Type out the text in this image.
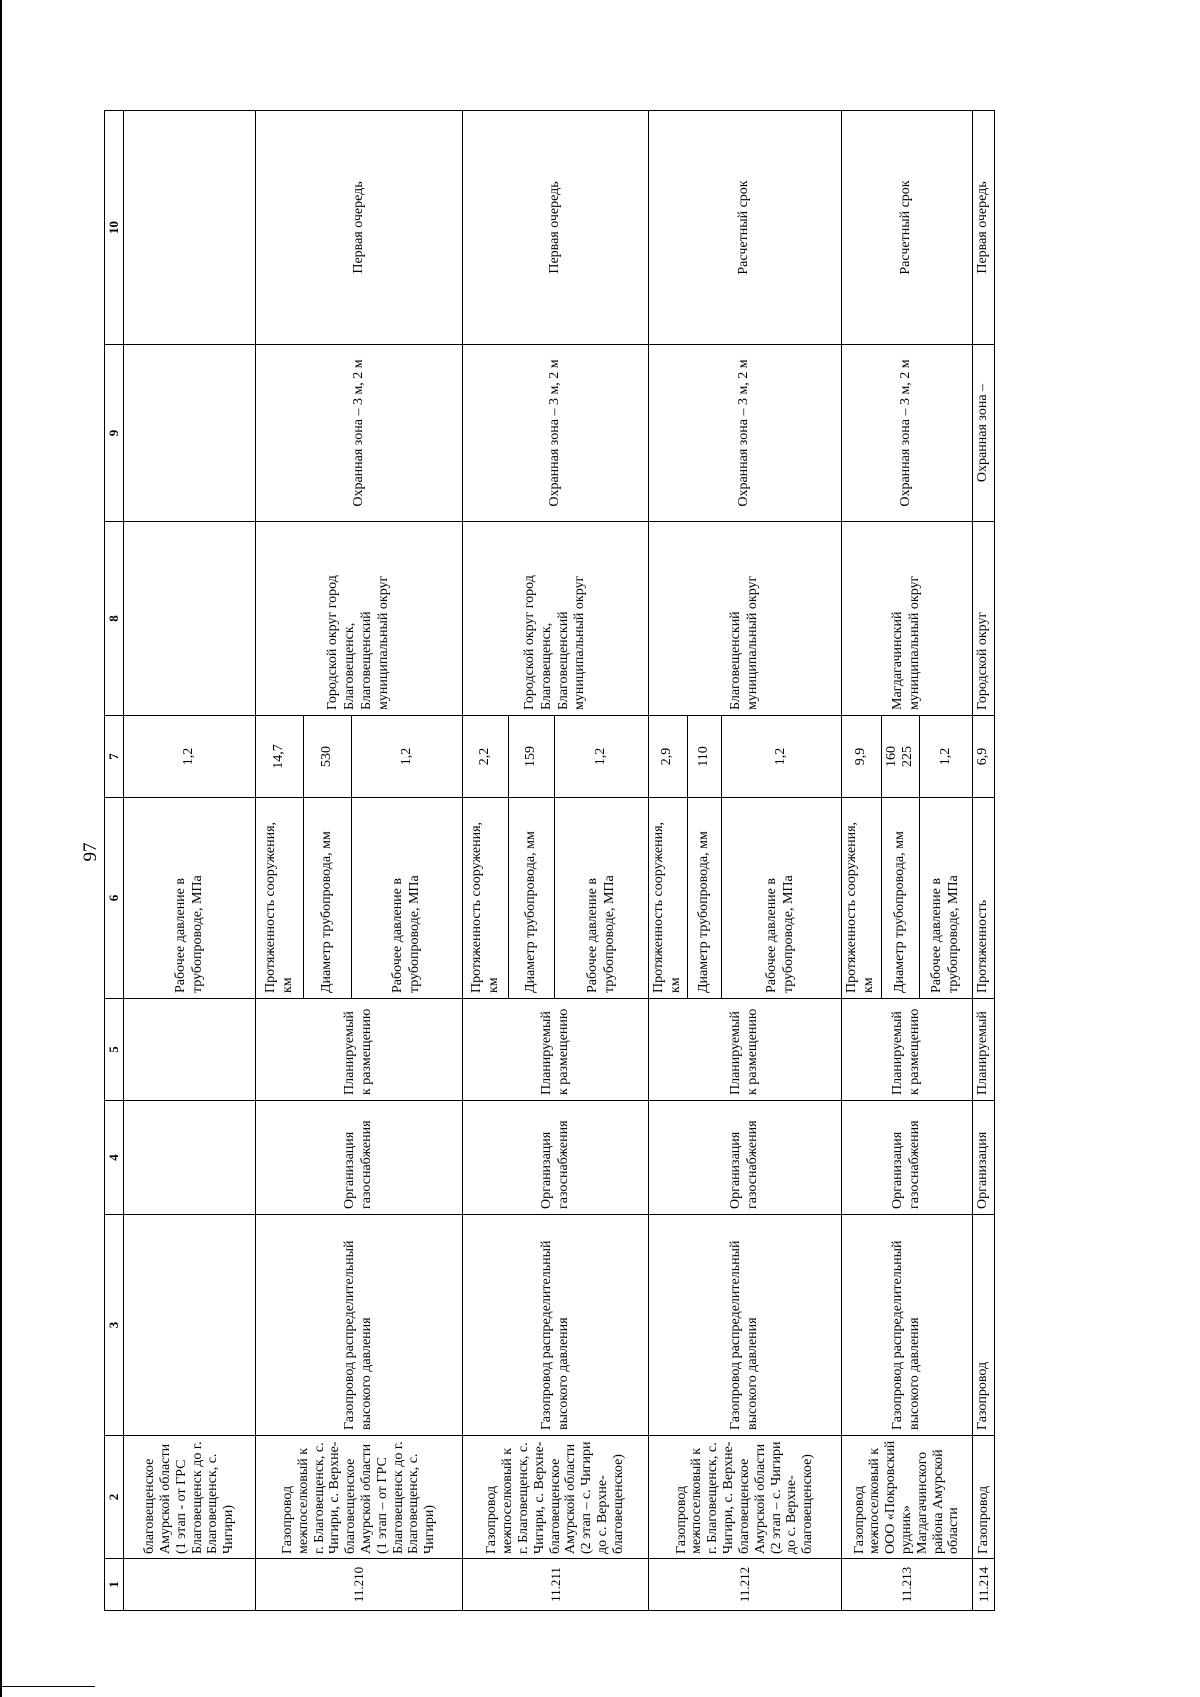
97
1	2	3	4	5	6	7	8	9	10
	благовещенское Амурской области (1 этап - от ГРС Благовещенск до г. Благовещенск, с. Чигири)				Рабочее давление в трубопроводе, МПа	1,2			
11.210	Газопровод межпоселковый к г. Благовещенск, с. Чигири, с. Верхне-благовещенское Амурской области (1 этап – от ГРС Благовещенск до г. Благовещенск, с. Чигири)	Газопровод распределительный высокого давления	Организация газоснабжения	Планируемый к размещению	Протяженность сооружения, км	14,7	Городской округ город Благовещенск, Благовещенский муниципальный округ	Охранная зона – 3 м, 2 м	Первая очередь
					Диаметр трубопровода, мм	530			
					Рабочее давление в трубопроводе, МПа	1,2			
11.211	Газопровод межпоселковый к г. Благовещенск, с. Чигири, с. Верхне-благовещенское Амурской области (2 этап – с. Чигири до с. Верхне-благовещенское)	Газопровод распределительный высокого давления	Организация газоснабжения	Планируемый к размещению	Протяженность сооружения, км	2,2	Городской округ город Благовещенск, Благовещенский муниципальный округ	Охранная зона – 3 м, 2 м	Первая очередь
					Диаметр трубопровода, мм	159			
					Рабочее давление в трубопроводе, МПа	1,2			
11.212	Газопровод межпоселковый к г. Благовещенск, с. Чигири, с. Верхне-благовещенское Амурской области (2 этап – с. Чигири до с. Верхне-благовещенское)	Газопровод распределительный высокого давления	Организация газоснабжения	Планируемый к размещению	Протяженность сооружения, км	2,9	Благовещенский муниципальный округ	Охранная зона – 3 м, 2 м	Расчетный срок
					Диаметр трубопровода, мм	110			
					Рабочее давление в трубопроводе, МПа	1,2			
11.213	Газопровод межпоселковый к ООО «Покровский рудник» Магдагачинского района Амурской области	Газопровод распределительный высокого давления	Организация газоснабжения	Планируемый к размещению	Протяженность сооружения, км	9,9	Магдагачинский муниципальный округ	Охранная зона – 3 м, 2 м	Расчетный срок
					Диаметр трубопровода, мм	160 225			
					Рабочее давление в трубопроводе, МПа	1,2			
11.214	Газопровод	Газопровод	Организация	Планируемый	Протяженность	6,9	Городской округ	Охранная зона –	Первая очередь
